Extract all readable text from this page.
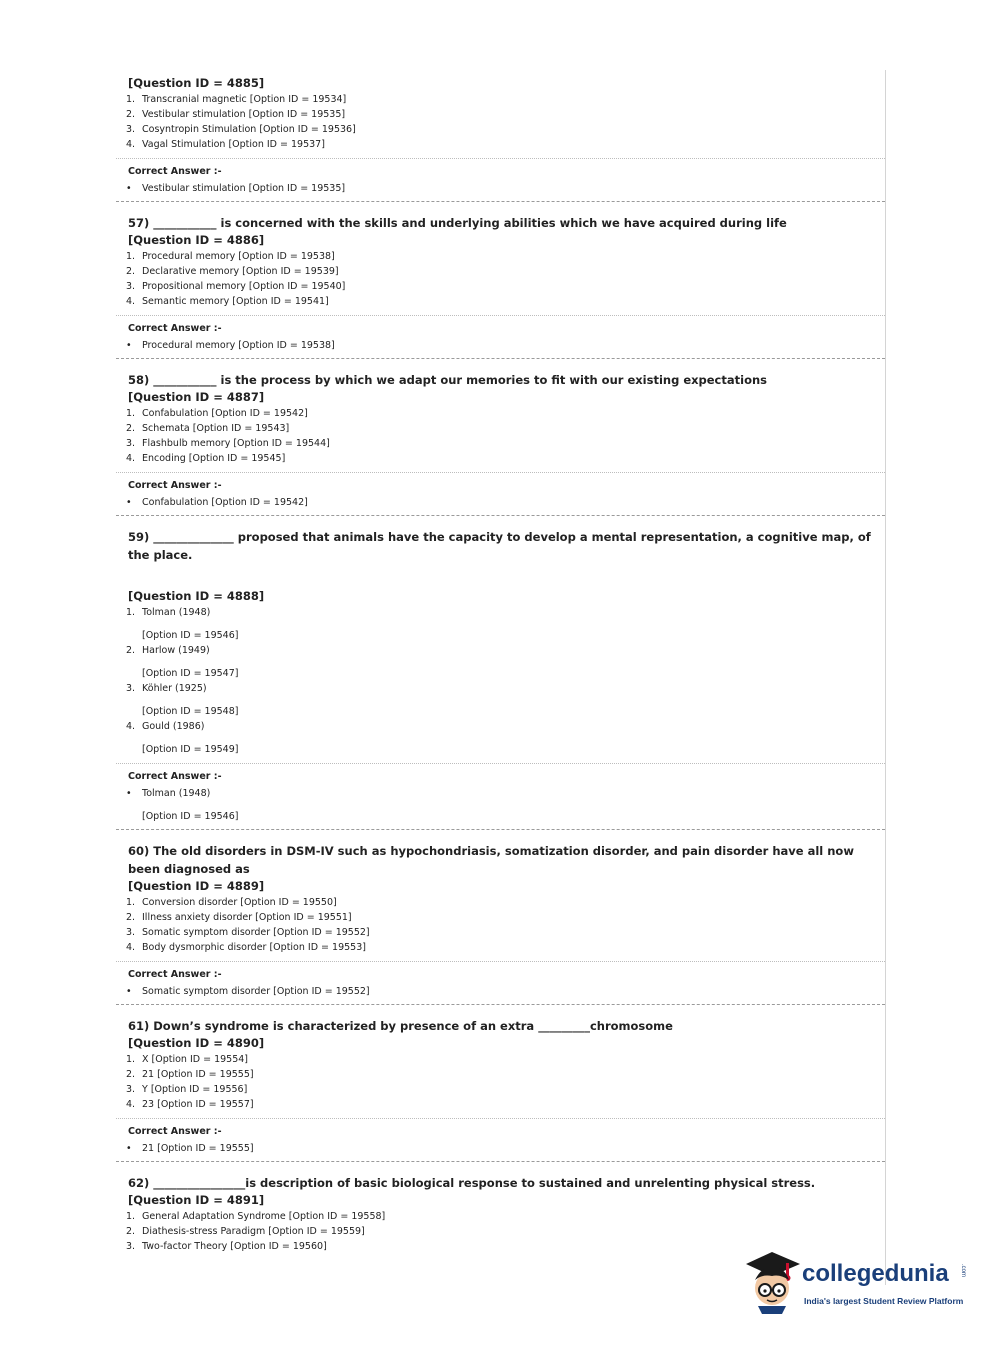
[Question ID = 4885]
1. Transcranial magnetic [Option ID = 19534]
2. Vestibular stimulation [Option ID = 19535]
3. Cosyntropin Stimulation [Option ID = 19536]
4. Vagal Stimulation [Option ID = 19537]
Correct Answer :-
• Vestibular stimulation [Option ID = 19535]
57) ___________ is concerned with the skills and underlying abilities which we have acquired during life
[Question ID = 4886]
1. Procedural memory [Option ID = 19538]
2. Declarative memory [Option ID = 19539]
3. Propositional memory [Option ID = 19540]
4. Semantic memory [Option ID = 19541]
Correct Answer :-
• Procedural memory [Option ID = 19538]
58) ___________ is the process by which we adapt our memories to fit with our existing expectations
[Question ID = 4887]
1. Confabulation [Option ID = 19542]
2. Schemata [Option ID = 19543]
3. Flashbulb memory [Option ID = 19544]
4. Encoding [Option ID = 19545]
Correct Answer :-
• Confabulation [Option ID = 19542]
59) ______________ proposed that animals have the capacity to develop a mental representation, a cognitive map, of the place.
[Question ID = 4888]
1. Tolman (1948)
[Option ID = 19546]
2. Harlow (1949)
[Option ID = 19547]
3. Köhler (1925)
[Option ID = 19548]
4. Gould (1986)
[Option ID = 19549]
Correct Answer :-
• Tolman (1948)
[Option ID = 19546]
60) The old disorders in DSM-IV such as hypochondriasis, somatization disorder, and pain disorder have all now been diagnosed as
[Question ID = 4889]
1. Conversion disorder [Option ID = 19550]
2. Illness anxiety disorder [Option ID = 19551]
3. Somatic symptom disorder [Option ID = 19552]
4. Body dysmorphic disorder [Option ID = 19553]
Correct Answer :-
• Somatic symptom disorder [Option ID = 19552]
61) Down’s syndrome is characterized by presence of an extra _________chromosome
[Question ID = 4890]
1. X [Option ID = 19554]
2. 21 [Option ID = 19555]
3. Y [Option ID = 19556]
4. 23 [Option ID = 19557]
Correct Answer :-
• 21 [Option ID = 19555]
62) ________________is description of basic biological response to sustained and unrelenting physical stress.
[Question ID = 4891]
1. General Adaptation Syndrome [Option ID = 19558]
2. Diathesis-stress Paradigm [Option ID = 19559]
3. Two-factor Theory [Option ID = 19560]
collegedunia .com
India's largest Student Review Platform
